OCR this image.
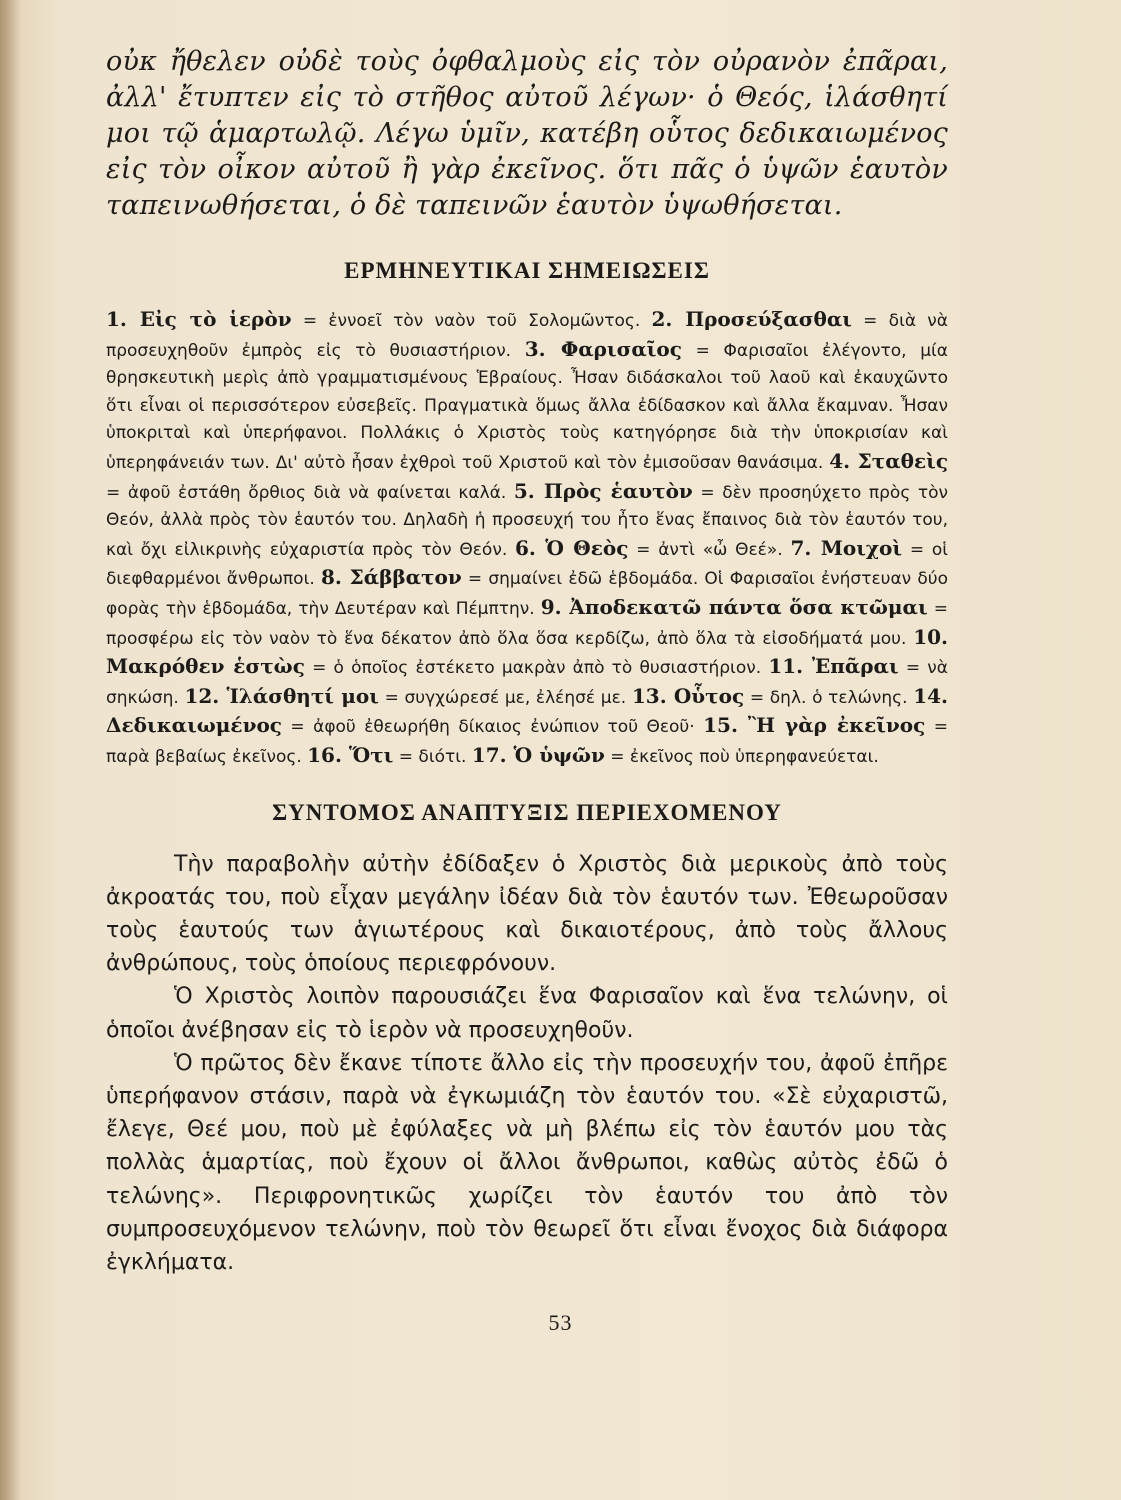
οὐκ ἤθελεν οὐδὲ τοὺς ὀφθαλμοὺς εἰς τὸν οὐρανὸν ἐπᾶραι, ἀλλ' ἔτυπτεν εἰς τὸ στῆθος αὐτοῦ λέγων· ὁ Θεός, ἱλάσθητί μοι τῷ ἁμαρτωλῷ. Λέγω ὑμῖν, κατέβη οὗτος δεδικαιωμένος εἰς τὸν οἶκον αὐτοῦ ἢ γὰρ ἐκεῖνος. ὅτι πᾶς ὁ ὑψῶν ἑαυτὸν ταπεινωθήσεται, ὁ δὲ ταπεινῶν ἑαυτὸν ὑψωθήσεται.

ΕΡΜΗΝΕΥΤΙΚΑΙ ΣΗΜΕΙΩΣΕΙΣ

1. Εἰς τὸ ἱερὸν = ἐννοεῖ τὸν ναὸν τοῦ Σολομῶντος. 2. Προσεύξασθαι = διὰ νὰ προσευχηθοῦν ἐμπρὸς εἰς τὸ θυσιαστήριον. 3. Φαρισαῖος = Φαρισαῖοι ἐλέγοντο, μία θρησκευτικὴ μερὶς ἀπὸ γραμματισμένους Ἑβραίους. Ἦσαν διδάσκαλοι τοῦ λαοῦ καὶ ἐκαυχῶντο ὅτι εἶναι οἱ περισσότερον εὐσεβεῖς. Πραγματικὰ ὅμως ἄλλα ἐδίδασκον καὶ ἄλλα ἔκαμναν. Ἦσαν ὑποκριταὶ καὶ ὑπερήφανοι. Πολλάκις ὁ Χριστὸς τοὺς κατηγόρησε διὰ τὴν ὑποκρισίαν καὶ ὑπερηφάνειάν των. Δι' αὐτὸ ἦσαν ἐχθροὶ τοῦ Χριστοῦ καὶ τὸν ἐμισοῦσαν θανάσιμα. 4. Σταθεὶς = ἀφοῦ ἐστάθη ὄρθιος διὰ νὰ φαίνεται καλά. 5. Πρὸς ἑαυτὸν = δὲν προσηύχετο πρὸς τὸν Θεόν, ἀλλὰ πρὸς τὸν ἑαυτόν του. Δηλαδὴ ἡ προσευχή του ἦτο ἕνας ἔπαινος διὰ τὸν ἑαυτόν του, καὶ ὄχι εἰλικρινὴς εὐχαριστία πρὸς τὸν Θεόν. 6. Ὁ Θεὸς = ἀντὶ «ὦ Θεέ». 7. Μοιχοὶ = οἱ διεφθαρμένοι ἄνθρωποι. 8. Σάββατον = σημαίνει ἐδῶ ἑβδομάδα. Οἱ Φαρισαῖοι ἐνήστευαν δύο φορὰς τὴν ἑβδομάδα, τὴν Δευτέραν καὶ Πέμπτην. 9. Ἀποδεκατῶ πάντα ὅσα κτῶμαι = προσφέρω εἰς τὸν ναὸν τὸ ἕνα δέκατον ἀπὸ ὅλα ὅσα κερδίζω, ἀπὸ ὅλα τὰ εἰσοδήματά μου. 10. Μακρόθεν ἑστὼς = ὁ ὁποῖος ἐστέκετο μακρὰν ἀπὸ τὸ θυσιαστήριον. 11. Ἐπᾶραι = νὰ σηκώση. 12. Ἱλάσθητί μοι = συγχώρεσέ με, ἐλέησέ με. 13. Οὗτος = δηλ. ὁ τελώνης. 14. Δεδικαιωμένος = ἀφοῦ ἐθεωρήθη δίκαιος ἐνώπιον τοῦ Θεοῦ· 15. Ἢ γὰρ ἐκεῖνος = παρὰ βεβαίως ἐκεῖνος. 16. Ὅτι = διότι. 17. Ὁ ὑψῶν = ἐκεῖνος ποὺ ὑπερηφανεύεται.

ΣΥΝΤΟΜΟΣ ΑΝΑΠΤΥΞΙΣ ΠΕΡΙΕΧΟΜΕΝΟΥ

Τὴν παραβολὴν αὐτὴν ἐδίδαξεν ὁ Χριστὸς διὰ μερικοὺς ἀπὸ τοὺς ἀκροατάς του, ποὺ εἶχαν μεγάλην ἰδέαν διὰ τὸν ἑαυτόν των. Ἐθεωροῦσαν τοὺς ἑαυτούς των ἁγιωτέρους καὶ δικαιοτέρους, ἀπὸ τοὺς ἄλλους ἀνθρώπους, τοὺς ὁποίους περιεφρόνουν.

Ὁ Χριστὸς λοιπὸν παρουσιάζει ἕνα Φαρισαῖον καὶ ἕνα τελώνην, οἱ ὁποῖοι ἀνέβησαν εἰς τὸ ἱερὸν νὰ προσευχηθοῦν.

Ὁ πρῶτος δὲν ἔκανε τίποτε ἄλλο εἰς τὴν προσευχήν του, ἀφοῦ ἐπῆρε ὑπερήφανον στάσιν, παρὰ νὰ ἐγκωμιάζη τὸν ἑαυτόν του. «Σὲ εὐχαριστῶ, ἔλεγε, Θεέ μου, ποὺ μὲ ἐφύλαξες νὰ μὴ βλέπω εἰς τὸν ἑαυτόν μου τὰς πολλὰς ἁμαρτίας, ποὺ ἔχουν οἱ ἄλλοι ἄνθρωποι, καθὼς αὐτὸς ἐδῶ ὁ τελώνης». Περιφρονητικῶς χωρίζει τὸν ἑαυτόν του ἀπὸ τὸν συμπροσευχόμενον τελώνην, ποὺ τὸν θεωρεῖ ὅτι εἶναι ἔνοχος διὰ διάφορα ἐγκλήματα.

53
